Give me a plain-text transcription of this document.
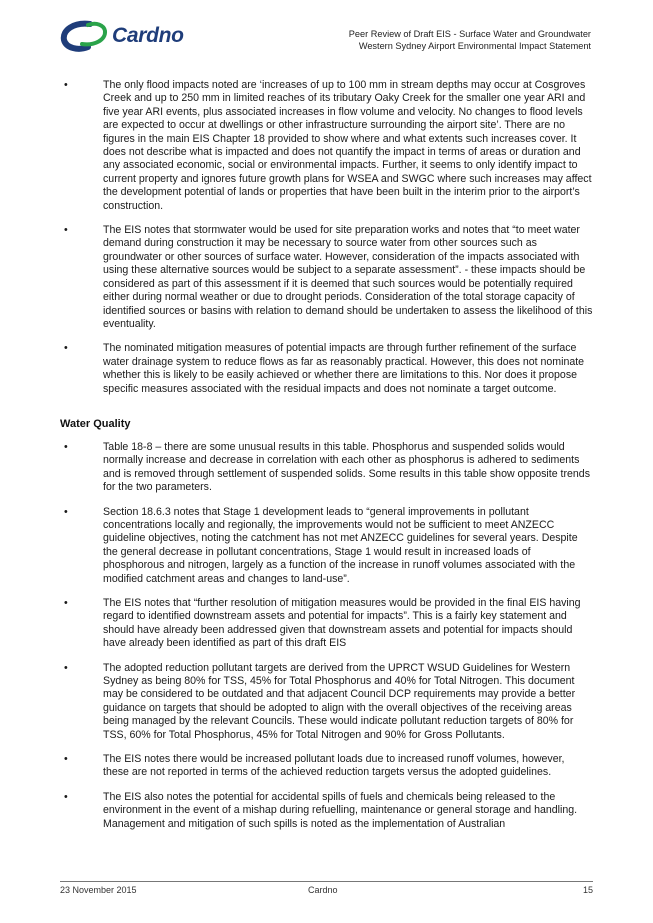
Cardno	Peer Review of Draft EIS - Surface Water and Groundwater
Western Sydney Airport Environmental Impact Statement
•	The only flood impacts noted are ‘increases of up to 100 mm in stream depths may occur at Cosgroves Creek and up to 250 mm in limited reaches of its tributary Oaky Creek for the smaller one year ARI and five year ARI events, plus associated increases in flow volume and velocity. No changes to flood levels are expected to occur at dwellings or other infrastructure surrounding the airport site’. There are no figures in the main EIS Chapter 18 provided to show where and what extents such increases cover. It does not describe what is impacted and does not quantify the impact in terms of areas or duration and any associated economic, social or environmental impacts. Further, it seems to only identify impact to current property and ignores future growth plans for WSEA and SWGC where such increases may affect the development potential of lands or properties that have been built in the interim prior to the airport’s construction.
•	The EIS notes that stormwater would be used for site preparation works and notes that “to meet water demand during construction it may be necessary to source water from other sources such as groundwater or other sources of surface water. However, consideration of the impacts associated with using these alternative sources would be subject to a separate assessment”. - these impacts should be considered as part of this assessment if it is deemed that such sources would be potentially required either during normal weather or due to drought periods. Consideration of the total storage capacity of identified sources or basins with relation to demand should be undertaken to assess the likelihood of this eventuality.
•	The nominated mitigation measures of potential impacts are through further refinement of the surface water drainage system to reduce flows as far as reasonably practical. However, this does not nominate whether this is likely to be easily achieved or whether there are limitations to this. Nor does it propose specific measures associated with the residual impacts and does not nominate a target outcome.
Water Quality
•	Table 18-8 – there are some unusual results in this table. Phosphorus and suspended solids would normally increase and decrease in correlation with each other as phosphorus is adhered to sediments and is removed through settlement of suspended solids. Some results in this table show opposite trends for the two parameters.
•	Section 18.6.3 notes that Stage 1 development leads to “general improvements in pollutant concentrations locally and regionally, the improvements would not be sufficient to meet ANZECC guideline objectives, noting the catchment has not met ANZECC guidelines for several years. Despite the general decrease in pollutant concentrations, Stage 1 would result in increased loads of phosphorous and nitrogen, largely as a function of the increase in runoff volumes associated with the modified catchment areas and changes to land-use”.
•	The EIS notes that “further resolution of mitigation measures would be provided in the final EIS having regard to identified downstream assets and potential for impacts”. This is a fairly key statement and should have already been addressed given that downstream assets and potential for impacts should have already been identified as part of this draft EIS
•	The adopted reduction pollutant targets are derived from the UPRCT WSUD Guidelines for Western Sydney as being 80% for TSS, 45% for Total Phosphorus and 40% for Total Nitrogen. This document may be considered to be outdated and that adjacent Council DCP requirements may provide a better guidance on targets that should be adopted to align with the overall objectives of the receiving areas being managed by the relevant Councils. These would indicate pollutant reduction targets of 80% for TSS, 60% for Total Phosphorus, 45% for Total Nitrogen and 90% for Gross Pollutants.
•	The EIS notes there would be increased pollutant loads due to increased runoff volumes, however, these are not reported in terms of the achieved reduction targets versus the adopted guidelines.
•	The EIS also notes the potential for accidental spills of fuels and chemicals being released to the environment in the event of a mishap during refuelling, maintenance or general storage and handling. Management and mitigation of such spills is noted as the implementation of Australian
23 November 2015	Cardno	15
